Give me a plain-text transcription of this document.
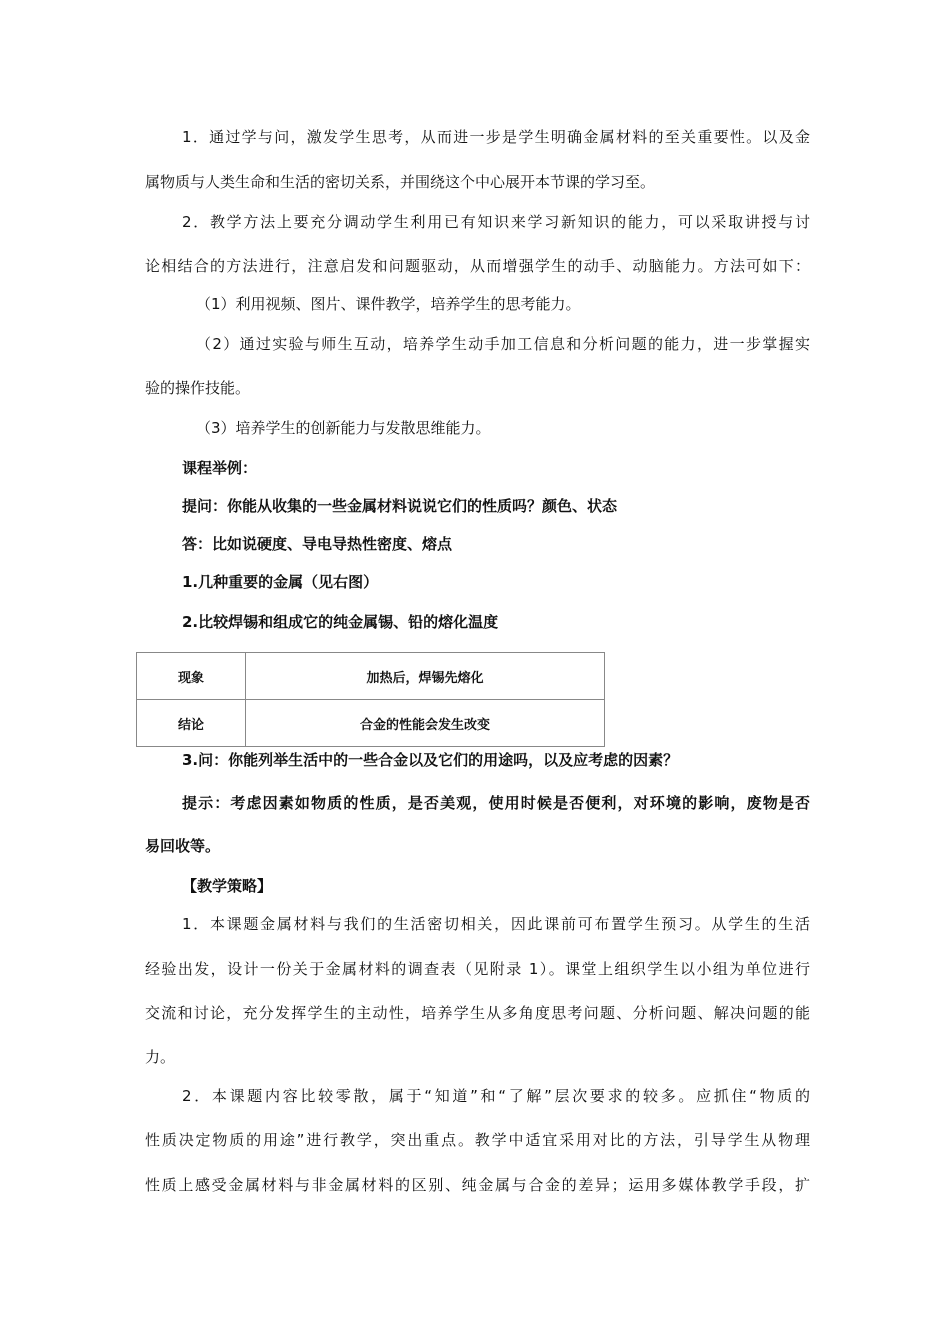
1．通过学与问，激发学生思考，从而进一步是学生明确金属材料的至关重要性。以及金
属物质与人类生命和生活的密切关系，并围绕这个中心展开本节课的学习至。
2．教学方法上要充分调动学生利用已有知识来学习新知识的能力，可以采取讲授与讨
论相结合的方法进行，注意启发和问题驱动，从而增强学生的动手、动脑能力。方法可如下：
（1）利用视频、图片、课件教学，培养学生的思考能力。
（2）通过实验与师生互动，培养学生动手加工信息和分析问题的能力，进一步掌握实
验的操作技能。
（3）培养学生的创新能力与发散思维能力。
课程举例：
提问：你能从收集的一些金属材料说说它们的性质吗？颜色、状态
答：比如说硬度、导电导热性密度、熔点
1.几种重要的金属（见右图）
2.比较焊锡和组成它的纯金属锡、铅的熔化温度
现象	加热后，焊锡先熔化
结论	合金的性能会发生改变
3.问：你能列举生活中的一些合金以及它们的用途吗，以及应考虑的因素？
提示：考虑因素如物质的性质，是否美观，使用时候是否便利，对环境的影响，废物是否
易回收等。
【教学策略】
1．本课题金属材料与我们的生活密切相关，因此课前可布置学生预习。从学生的生活
经验出发，设计一份关于金属材料的调查表（见附录 1）。课堂上组织学生以小组为单位进行
交流和讨论，充分发挥学生的主动性，培养学生从多角度思考问题、分析问题、解决问题的能
力。
2．本课题内容比较零散，属于“知道”和“了解”层次要求的较多。应抓住“物质的
性质决定物质的用途”进行教学，突出重点。教学中适宜采用对比的方法，引导学生从物理
性质上感受金属材料与非金属材料的区别、纯金属与合金的差异；运用多媒体教学手段，扩
